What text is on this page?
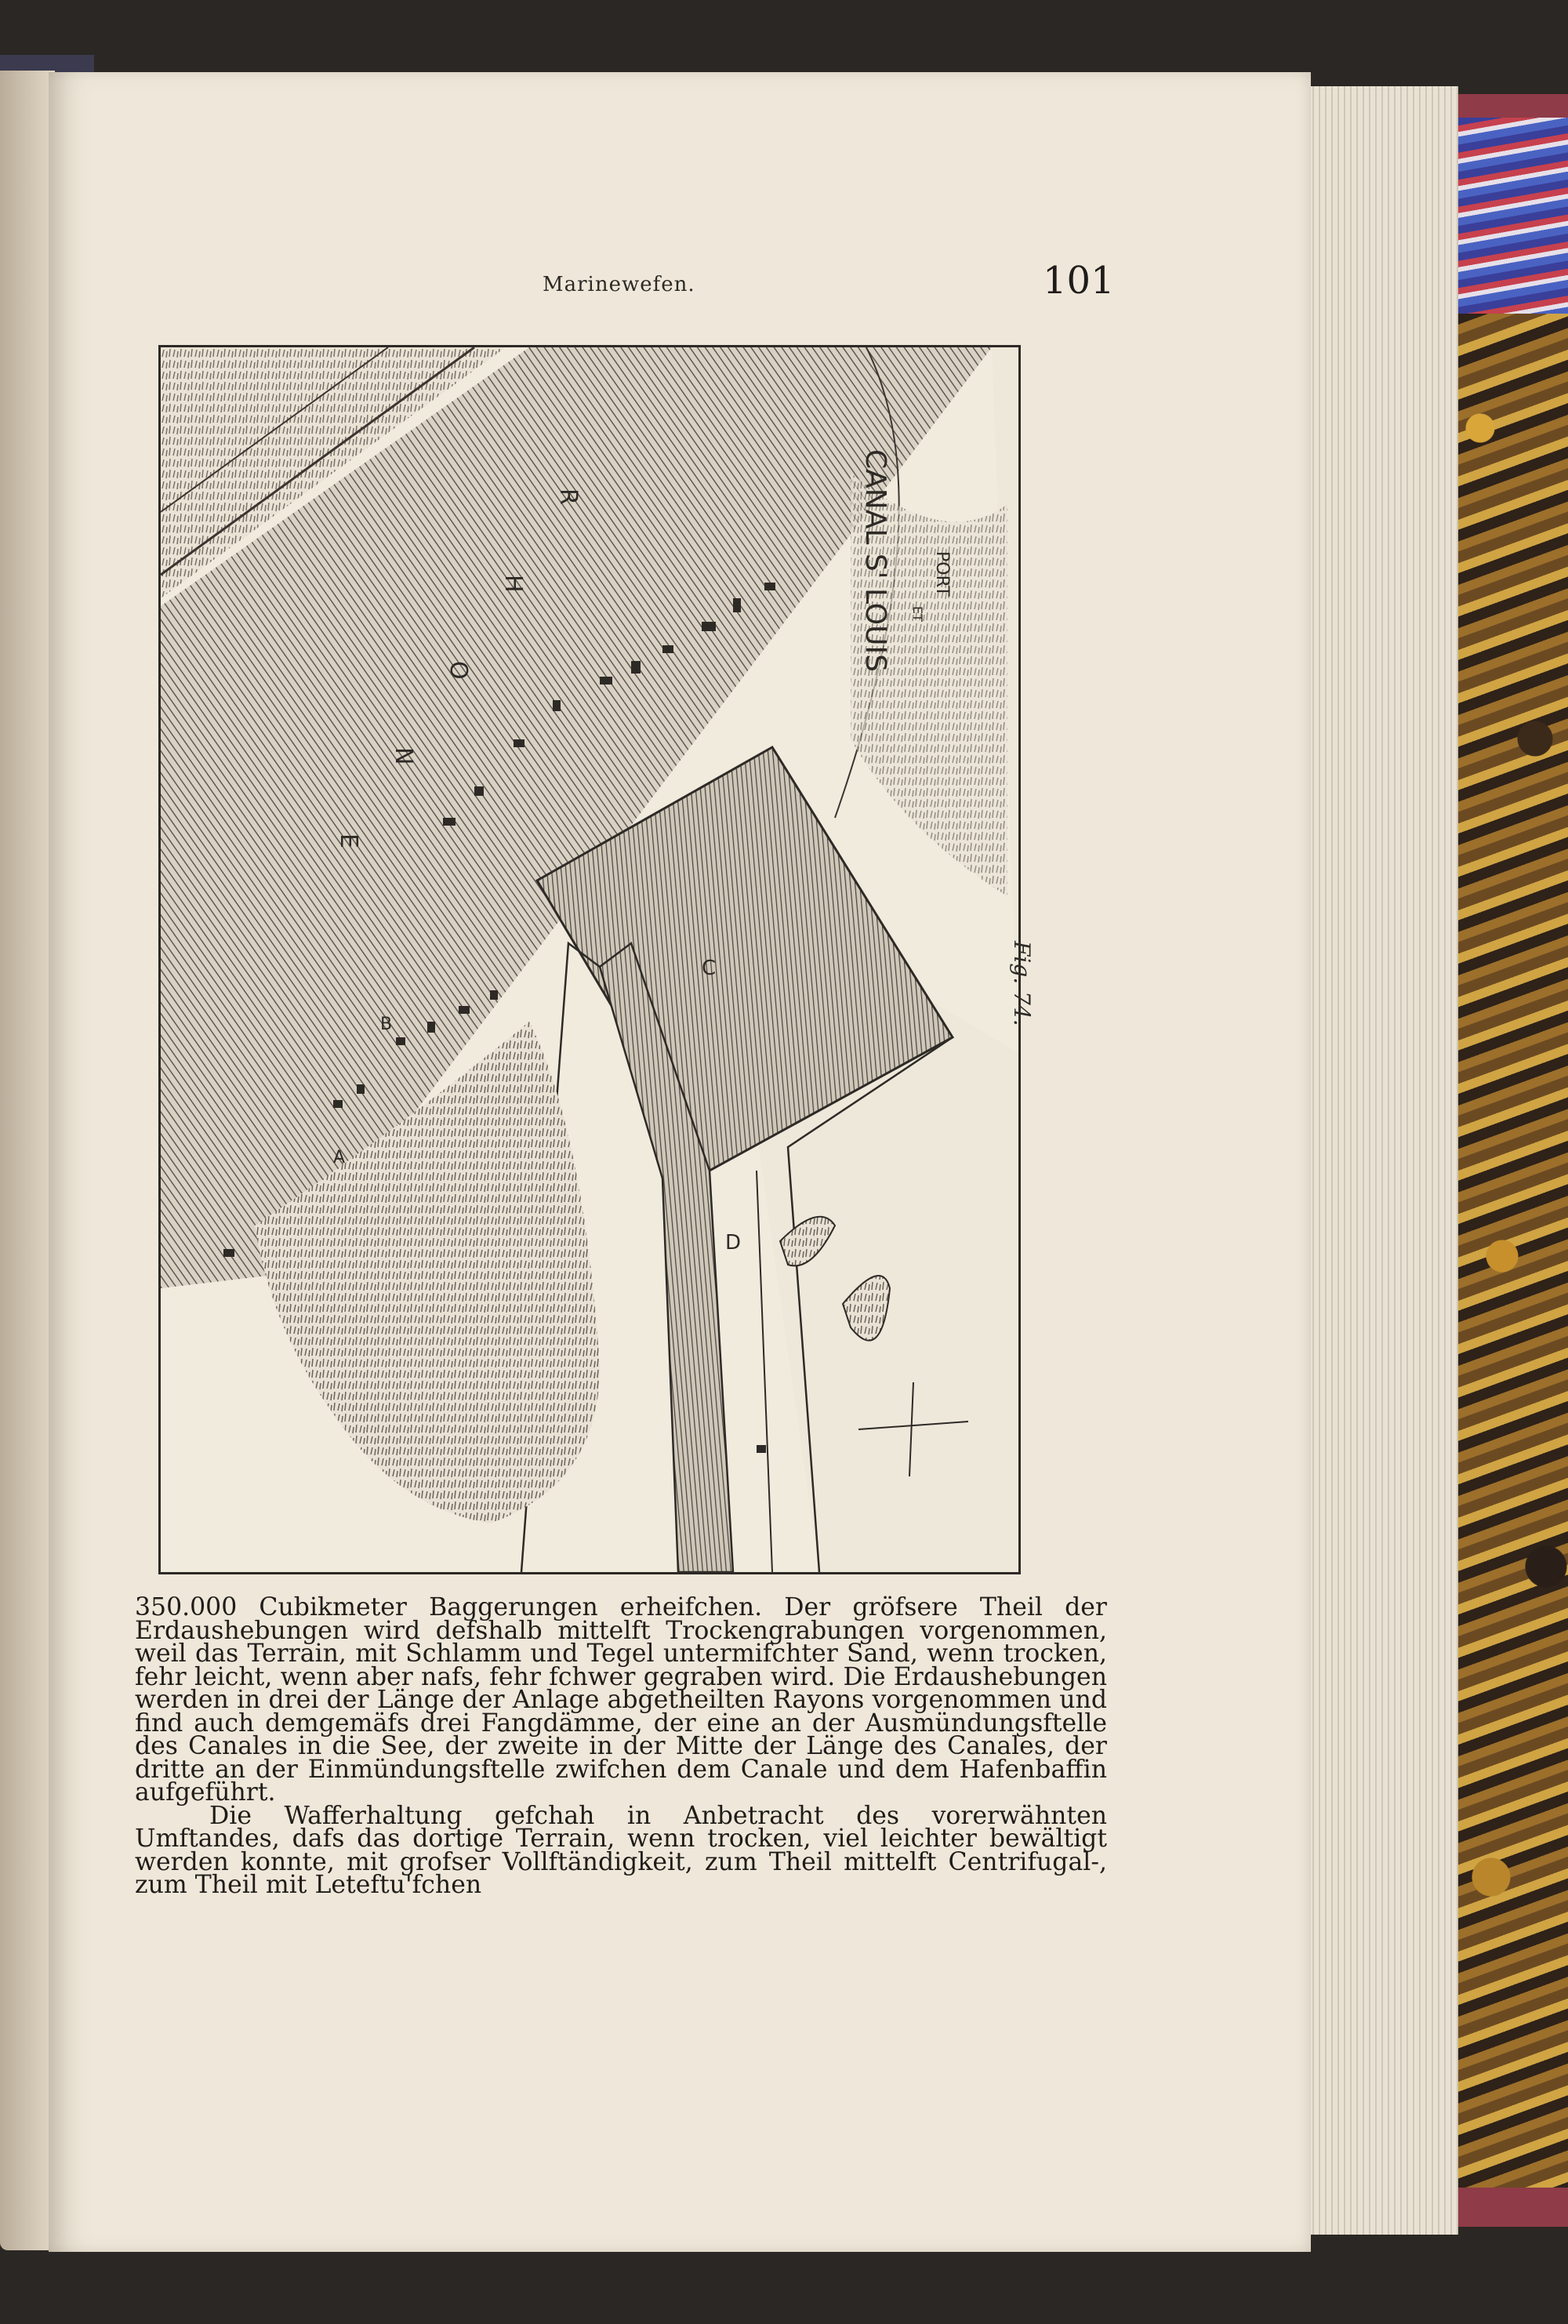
Marinewefen.	101
R
H
O
N
E
CANAL S' LOUIS PORT
ET
A
B
C
D
Fig. 74.

350.000 Cubikmeter Baggerungen erheifchen. Der gröfsere Theil der Erdaushebungen wird defshalb mittelft Trockengrabungen vorgenommen, weil das Terrain, mit Schlamm und Tegel untermifchter Sand, wenn trocken, fehr leicht, wenn aber nafs, fehr fchwer gegraben wird. Die Erdaushebungen werden in drei der Länge der Anlage abgetheilten Rayons vorgenommen und find auch demgemäfs drei Fangdämme, der eine an der Ausmündungsftelle des Canales in die See, der zweite in der Mitte der Länge des Canales, der dritte an der Einmündungsftelle zwifchen dem Canale und dem Hafenbaffin aufgeführt.

Die Wafferhaltung gefchah in Anbetracht des vorerwähnten Umftandes, dafs das dortige Terrain, wenn trocken, viel leichter bewältigt werden konnte, mit grofser Vollftändigkeit, zum Theil mittelft Centrifugal-, zum Theil mit Leteftu'fchen
